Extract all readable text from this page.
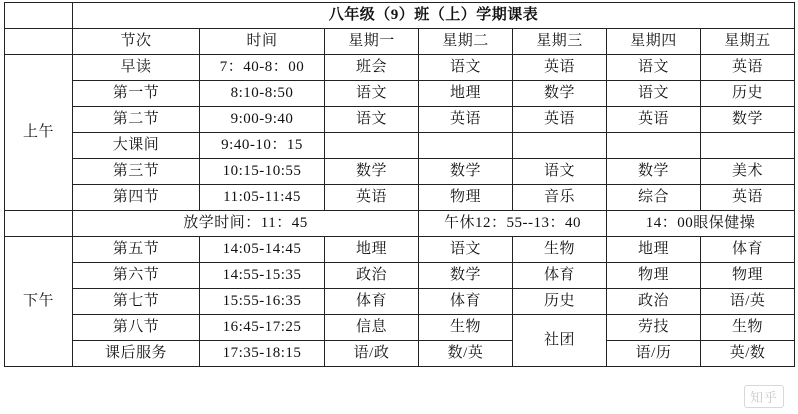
	八年级（9）班（上）学期课表						
	节次	时间	星期一	星期二	星期三	星期四	星期五
上午	早读	7：40-8：00	班会	语文	英语	语文	英语
	第一节	8:10-8:50	语文	地理	数学	语文	历史
	第二节	9:00-9:40	语文	英语	英语	英语	数学
	大课间	9:40-10：15					
	第三节	10:15-10:55	数学	数学	语文	数学	美术
	第四节	11:05-11:45	英语	物理	音乐	综合	英语
	放学时间：11：45			午休12：55--13：40		14：00眼保健操	
下午	第五节	14:05-14:45	地理	语文	生物	地理	体育
	第六节	14:55-15:35	政治	数学	体育	物理	物理
	第七节	15:55-16:35	体育	体育	历史	政治	语/英
	第八节	16:45-17:25	信息	生物	社团	劳技	生物
	课后服务	17:35-18:15	语/政	数/英		语/历	英/数
知乎
